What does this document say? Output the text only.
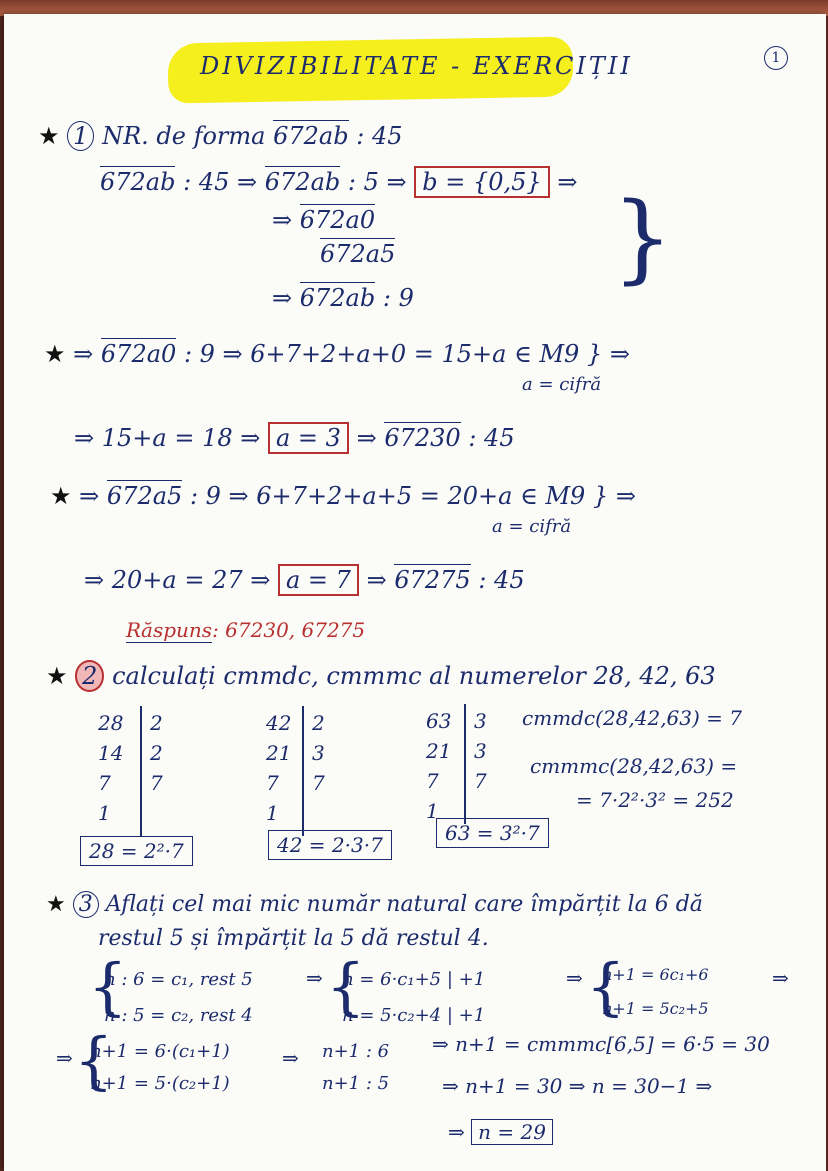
DIVIZIBILITATE - EXERCIȚII	1
★ 1 NR. de forma 672ab : 45
672ab : 45 ⇒ 672ab : 5 ⇒ b = {0,5} ⇒ }
⇒ 672a0
672a5
⇒ 672ab : 9
★ ⇒ 672a0 : 9 ⇒ 6+7+2+a+0 = 15+a ∈ M9 } ⇒
a = cifră
⇒ 15+a = 18 ⇒ a = 3 ⇒ 67230 : 45
★ ⇒ 672a5 : 9 ⇒ 6+7+2+a+5 = 20+a ∈ M9 } ⇒
a = cifră
⇒ 20+a = 27 ⇒ a = 7 ⇒ 67275 : 45
Răspuns: 67230, 67275
★ 2 calculați cmmdc, cmmmc al numerelor 28, 42, 63
28
14
7
1
2
2
7
28 = 2²·7
42
21
7
1
2
3
7
42 = 2·3·7
63
21
7
1
3
3
7
63 = 3²·7
cmmdc(28,42,63) = 7
cmmmc(28,42,63) =
= 7·2²·3² = 252
★ 3 Aflați cel mai mic număr natural care împărțit la 6 dă
restul 5 și împărțit la 5 dă restul 4.
{
n : 6 = c₁, rest 5
n : 5 = c₂, rest 4
⇒ {
n = 6·c₁+5 | +1
n = 5·c₂+4 | +1
⇒ {
n+1 = 6c₁+6
n+1 = 5c₂+5
⇒
⇒ {
n+1 = 6·(c₁+1)
n+1 = 5·(c₂+1)
⇒ n+1 : 6
n+1 : 5
⇒ n+1 = cmmmc[6,5] = 6·5 = 30
⇒ n+1 = 30 ⇒ n = 30−1 ⇒
⇒ n = 29
